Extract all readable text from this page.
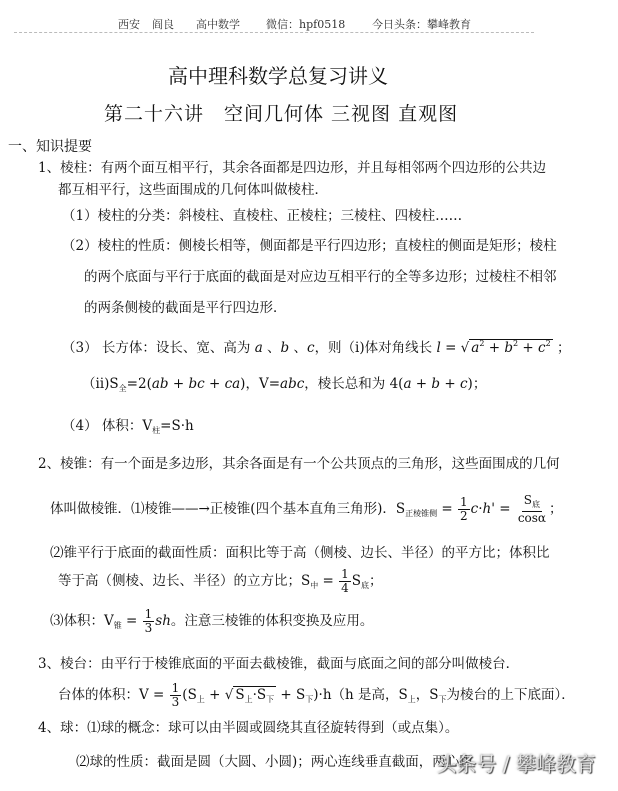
西安 阎良 高中数学 微信：hpf0518 今日头条：攀峰教育
高中理科数学总复习讲义
第二十六讲　空间几何体 三视图 直观图
一、知识提要
1、棱柱：有两个面互相平行，其余各面都是四边形，并且每相邻两个四边形的公共边
都互相平行，这些面围成的几何体叫做棱柱．
（1）棱柱的分类：斜棱柱、直棱柱、正棱柱；三棱柱、四棱柱……
（2）棱柱的性质：侧棱长相等，侧面都是平行四边形；直棱柱的侧面是矩形；棱柱
的两个底面与平行于底面的截面是对应边互相平行的全等多边形；过棱柱不相邻
的两条侧棱的截面是平行四边形．
（3） 长方体：设长、宽、高为 a 、b 、c，则（ⅰ)体对角线长 l = √ $a^2 + b^2 + c^2$ ；
$(ⅱ)S_全=2(ab$ + bc + ca)，V=abc，棱长总和为 4(a + b + c)；
（4） 体积：$V_柱=S\cdot h$
2、棱锥：有一个面是多边形，其余各面是有一个公共顶点的三角形，这些面围成的几何
体叫做棱锥．⑴棱锥——→正棱锥(四个基本直角三角形)．$S_{正棱锥侧} = \frac{1}{2} c\cdot h' = \frac{S_底}{\cos\alpha}$ ；
⑵锥平行于底面的截面性质：面积比等于高（侧棱、边长、半径）的平方比；体积比
等于高（侧棱、边长、半径）的立方比；$S_中 = \frac{1}{4} S_底$；
⑶体积：$V_锥 = \frac{1}{3}$ sh。注意三棱锥的体积变换及应用。
3、棱台：由平行于棱锥底面的平面去截棱锥，截面与底面之间的部分叫做棱台．
台体的体积：$V = \frac{1}{3} (S_上$ + √ $S_上\cdot S_下 + S_下)\cdot h(h$ 是高，$S_上$，$S_下$为棱台的上下底面）．
4、球：⑴球的概念：球可以由半圆或圆绕其直径旋转得到（或点集）。
⑵球的性质：截面是圆（大圆、小圆)；两心连线垂直截面，两心距
头条号 / 攀峰教育
